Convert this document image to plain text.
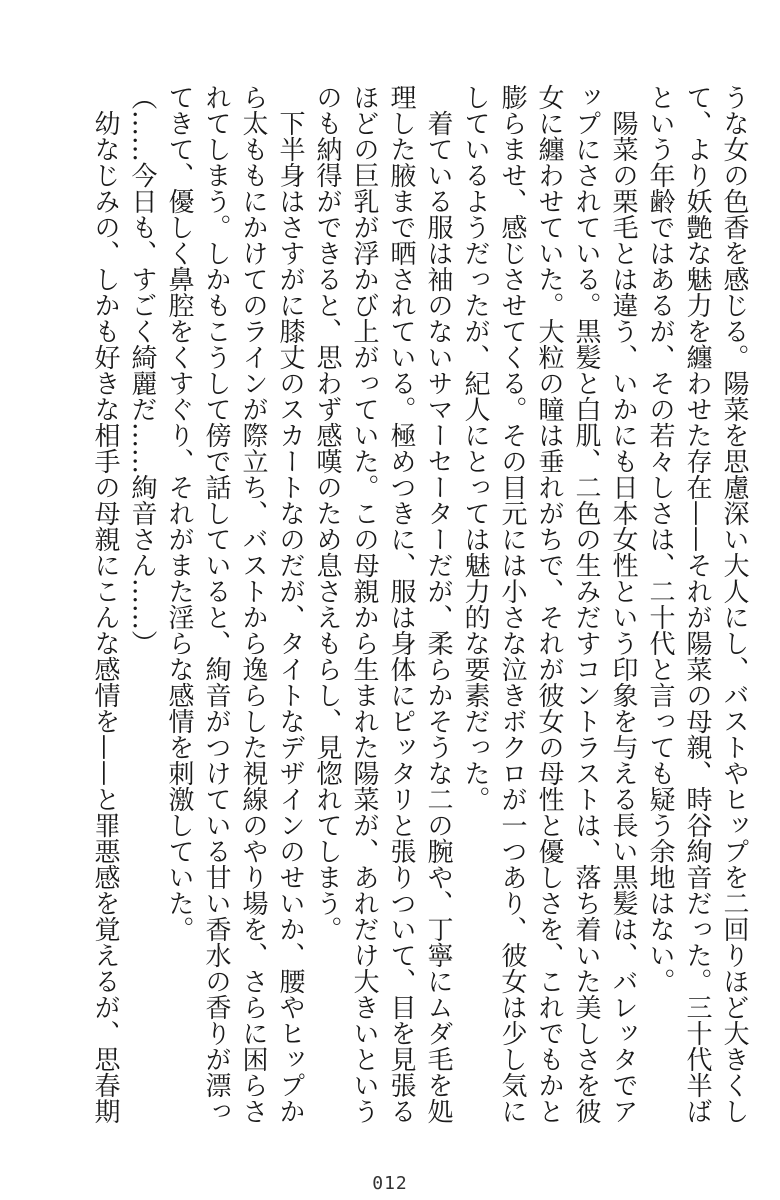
うな女の色香を感じる。陽菜を思慮深い大人にし、バストやヒップを二回りほど大きくして、より妖艶な魅力を纏わせた存在——それが陽菜の母親、時谷絢音だった。三十代半ばという年齢ではあるが、その若々しさは、二十代と言っても疑う余地はない。

陽菜の栗毛とは違う、いかにも日本女性という印象を与える長い黒髪は、バレッタでアップにされている。黒髪と白肌、二色の生みだすコントラストは、落ち着いた美しさを彼女に纏わせていた。大粒の瞳は垂れがちで、それが彼女の母性と優しさを、これでもかと膨らませ、感じさせてくる。その目元には小さな泣きボクロが一つあり、彼女は少し気にしているようだったが、紀人にとっては魅力的な要素だった。

着ている服は袖のないサマーセーターだが、柔らかそうな二の腕や、丁寧にムダ毛を処理した腋まで晒されている。極めつきに、服は身体にピッタリと張りついて、目を見張るほどの巨乳が浮かび上がっていた。この母親から生まれた陽菜が、あれだけ大きいというのも納得ができると、思わず感嘆のため息さえもらし、見惚れてしまう。

下半身はさすがに膝丈のスカートなのだが、タイトなデザインのせいか、腰やヒップから太ももにかけてのラインが際立ち、バストから逸らした視線のやり場を、さらに困らされてしまう。しかもこうして傍で話していると、絢音がつけている甘い香水の香りが漂ってきて、優しく鼻腔をくすぐり、それがまた淫らな感情を刺激していた。

（……今日も、すごく綺麗だ……絢音さん……）

幼なじみの、しかも好きな相手の母親にこんな感情を——と罪悪感を覚えるが、思春期

012
